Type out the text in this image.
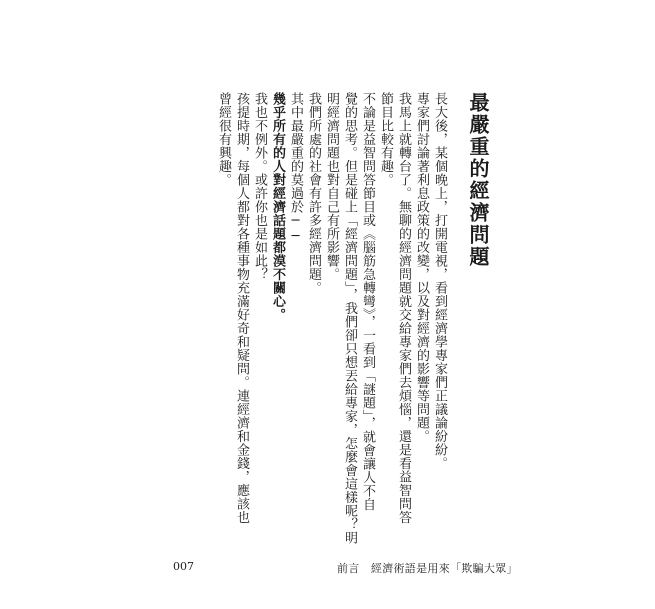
最嚴重的經濟問題
長大後，某個晚上，打開電視，看到經濟學專家們正議論紛紛。
專家們討論著利息政策的改變，以及對經濟的影響等問題。
我馬上就轉台了。無聊的經濟問題就交給專家們去煩惱，還是看益智問答
節目比較有趣。
不論是益智問答節目或《腦筋急轉彎》，一看到「謎題」，就會讓人不自
覺的思考。但是碰上「經濟問題」，我們卻只想丟給專家，怎麼會這樣呢？明
明經濟問題也對自己有所影響。
我們所處的社會有許多經濟問題。
其中最嚴重的莫過於──
幾乎所有的人對經濟話題都漠不關心。
我也不例外。或許你也是如此？
孩提時期，每個人都對各種事物充滿好奇和疑問。連經濟和金錢，應該也
曾經很有興趣。
007	前言　經濟術語是用來「欺騙大眾」
